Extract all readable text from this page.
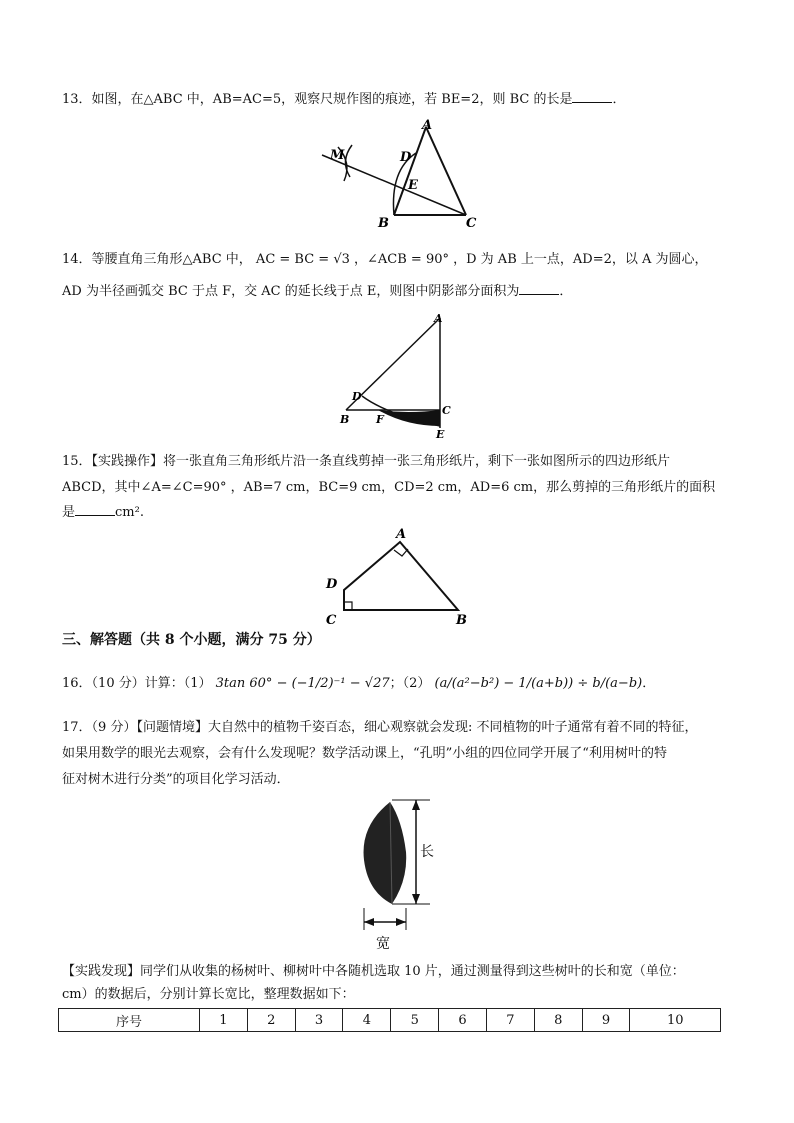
13．如图，在△ABC 中，AB=AC=5，观察尺规作图的痕迹，若 BE=2，则 BC 的长是	．
A
B	C
D
E
M
14．等腰直角三角形△ABC 中， AC = BC = √3 ，∠ACB = 90° ，D 为 AB 上一点，AD=2，以 A 为圆心，
AD 为半径画弧交 BC 于点 F，交 AC 的延长线于点 E，则图中阴影部分面积为	．
A
B
C
D
E
F
15．【实践操作】将一张直角三角形纸片沿一条直线剪掉一张三角形纸片，剩下一张如图所示的四边形纸片
ABCD，其中∠A=∠C=90° ，AB=7 cm，BC=9 cm，CD=2 cm，AD=6 cm，那么剪掉的三角形纸片的面积
是	cm².
A
B
C
D
三、解答题（共 8 个小题，满分 75 分）
16．（10 分）计算：（1） 3tan 60° − (−1/2)⁻¹ − √27；（2） (a/(a²−b²) − 1/(a+b)) ÷ b/(a−b)．
17．（9 分）【问题情境】大自然中的植物千姿百态，细心观察就会发现: 不同植物的叶子通常有着不同的特征，
如果用数学的眼光去观察，会有什么发现呢？数学活动课上，“孔明”小组的四位同学开展了“利用树叶的特
征对树木进行分类”的项目化学习活动．
长
宽
【实践发现】同学们从收集的杨树叶、柳树叶中各随机选取 10 片，通过测量得到这些树叶的长和宽（单位：
cm）的数据后，分别计算长宽比，整理数据如下：
序号	1	2	3	4	5	6	7	8	9	10
